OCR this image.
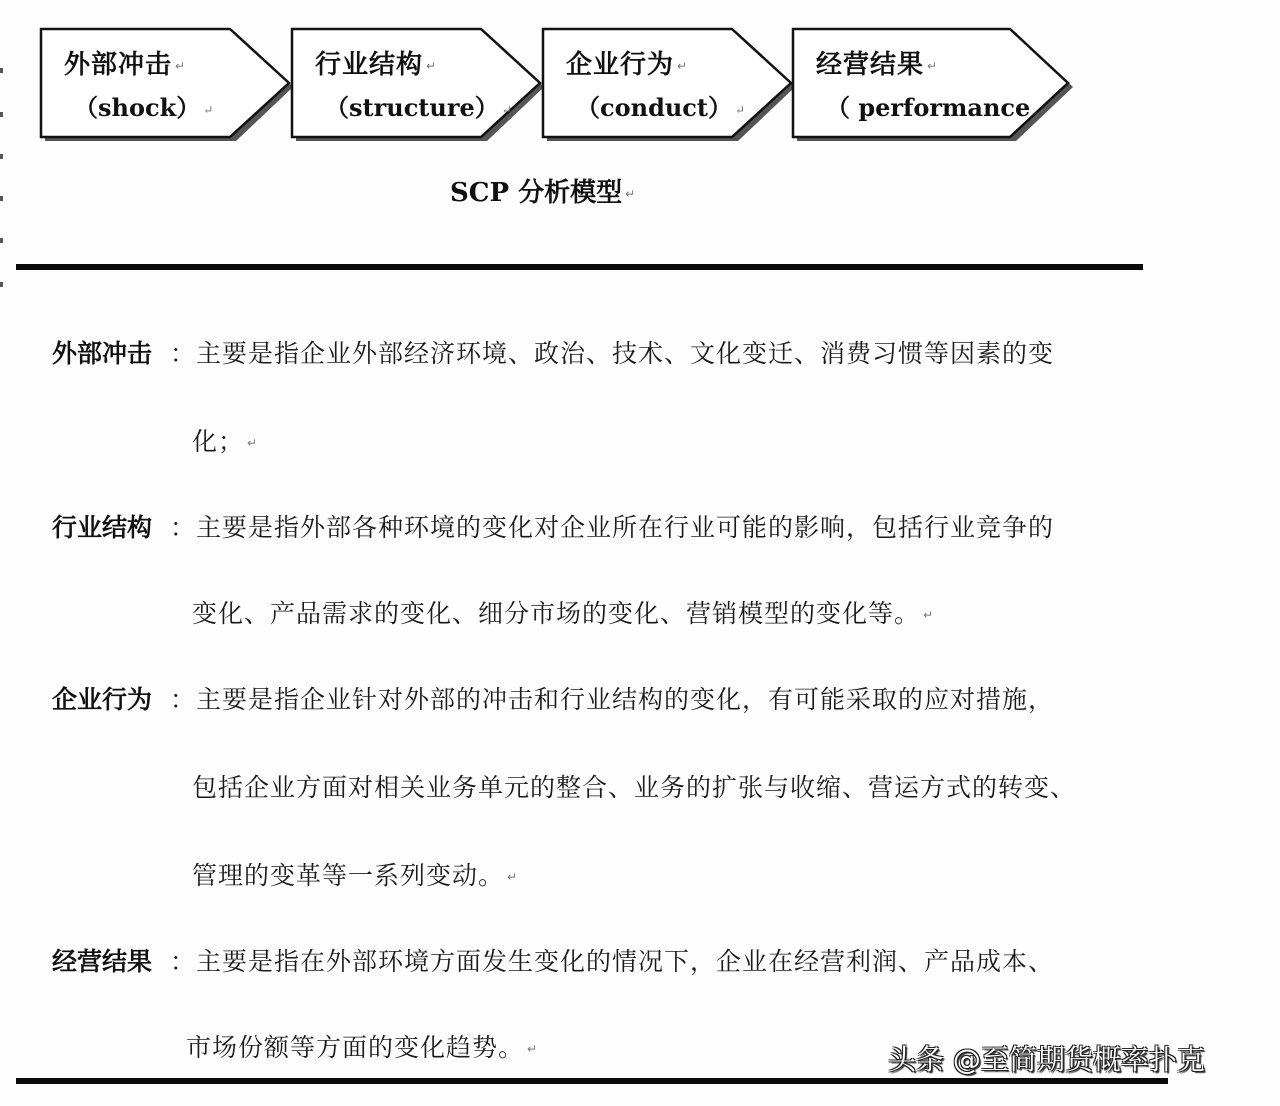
外部冲击 ↵
（shock） ↵
行业结构 ↵
（structure） ↵
企业行为 ↵
（conduct） ↵
经营结果 ↵
（ performance
SCP 分析模型 ↵
外部冲击 ：主要是指企业外部经济环境、政治、技术、文化变迁、消费习惯等因素的变
化； ↵
行业结构 ：主要是指外部各种环境的变化对企业所在行业可能的影响，包括行业竞争的
变化、产品需求的变化、细分市场的变化、营销模型的变化等。 ↵
企业行为 ：主要是指企业针对外部的冲击和行业结构的变化，有可能采取的应对措施，
包括企业方面对相关业务单元的整合、业务的扩张与收缩、营运方式的转变、
管理的变革等一系列变动。 ↵
经营结果 ：主要是指在外部环境方面发生变化的情况下，企业在经营利润、产品成本、
市场份额等方面的变化趋势。 ↵	头条 @至简期货概率扑克
